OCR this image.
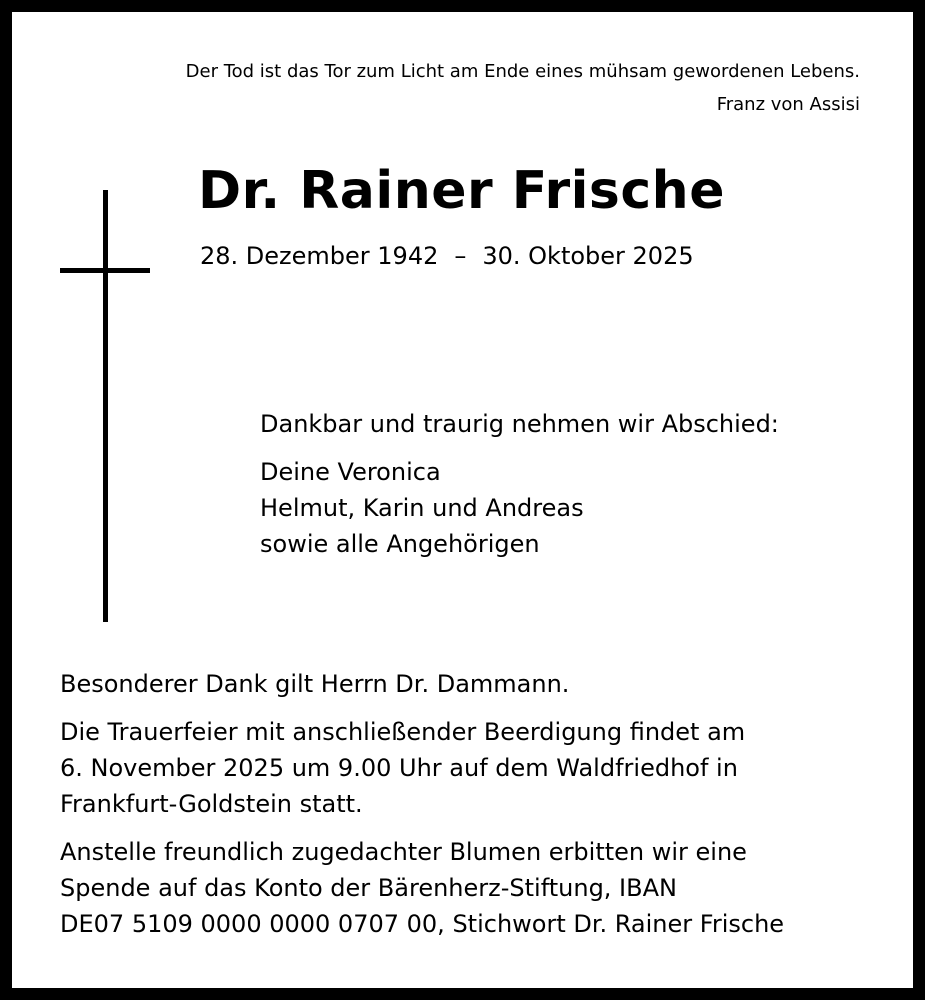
Der Tod ist das Tor zum Licht am Ende eines mühsam gewordenen Lebens.
Franz von Assisi
Dr. Rainer Frische
28. Dezember 1942 – 30. Oktober 2025
Dankbar und traurig nehmen wir Abschied:
Deine Veronica
Helmut, Karin und Andreas
sowie alle Angehörigen

Besonderer Dank gilt Herrn Dr. Dammann.

Die Trauerfeier mit anschließender Beerdigung findet am
6. November 2025 um 9.00 Uhr auf dem Waldfriedhof in
Frankfurt-Goldstein statt.

Anstelle freundlich zugedachter Blumen erbitten wir eine
Spende auf das Konto der Bärenherz-Stiftung, IBAN
DE07 5109 0000 0000 0707 00, Stichwort Dr. Rainer Frische
